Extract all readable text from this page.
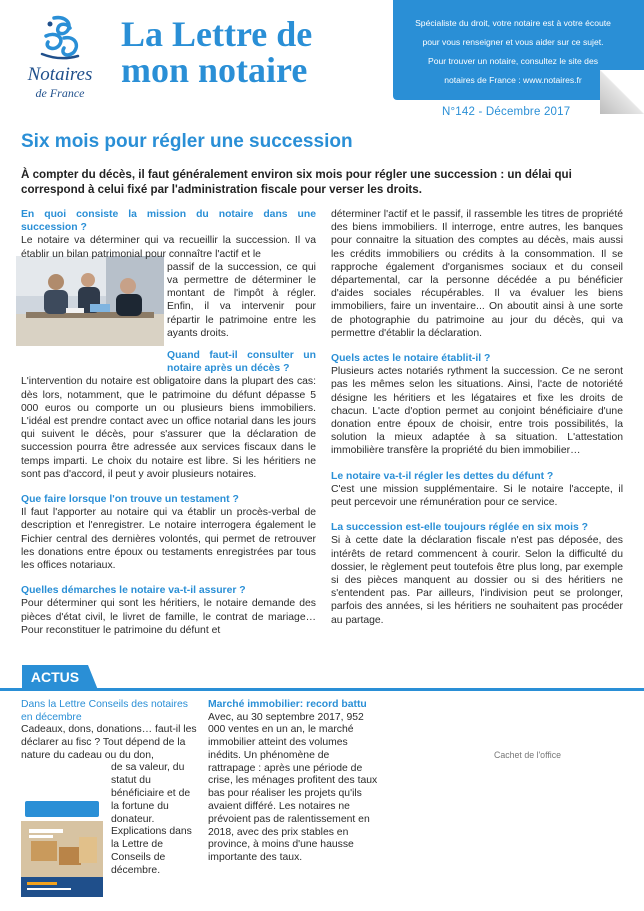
Notaires
de France
La Lettre de
mon notaire
Spécialiste du droit, votre notaire est à votre écoute
pour vous renseigner et vous aider sur ce sujet.
Pour trouver un notaire, consultez le site des
notaires de France : www.notaires.fr
N°142 - Décembre 2017
Six mois pour régler une succession
À compter du décès, il faut généralement environ six mois pour régler une succession : un délai qui correspond à celui fixé par l'administration fiscale pour verser les droits.
En quoi consiste la mission du notaire dans une succession ?
Le notaire va déterminer qui va recueillir la succession. Il va établir un bilan patrimonial pour connaître l'actif et le
passif de la succession, ce qui va permettre de déterminer le montant de l'impôt à régler. Enfin, il va intervenir pour répartir le patrimoine entre les ayants droits.
Quand faut-il consulter un notaire après un décès ?
L'intervention du notaire est obligatoire dans la plupart des cas: dès lors, notamment, que le patrimoine du défunt dépasse 5 000 euros ou comporte un ou plusieurs biens immobiliers. L'idéal est prendre contact avec un office notarial dans les jours qui suivent le décès, pour s'assurer que la déclaration de succession pourra être adressée aux services fiscaux dans le temps imparti. Le choix du notaire est libre. Si les héritiers ne sont pas d'accord, il peut y avoir plusieurs notaires.
Que faire lorsque l'on trouve un testament ?
Il faut l'apporter au notaire qui va établir un procès-verbal de description et l'enregistrer. Le notaire interrogera également le Fichier central des dernières volontés, qui permet de retrouver les donations entre époux ou testaments enregistrées par tous les offices notariaux.
Quelles démarches le notaire va-t-il assurer ?
Pour déterminer qui sont les héritiers, le notaire demande des pièces d'état civil, le livret de famille, le contrat de mariage… Pour reconstituer le patrimoine du défunt et
déterminer l'actif et le passif, il rassemble les titres de propriété des biens immobiliers. Il interroge, entre autres, les banques pour connaitre la situation des comptes au décès, mais aussi les crédits immobiliers ou crédits à la consommation. Il se rapproche également d'organismes sociaux et du conseil départemental, car la personne décédée a pu bénéficier d'aides sociales récupérables. Il va évaluer les biens immobiliers, faire un inventaire... On aboutit ainsi à une sorte de photographie du patrimoine au jour du décès, qui va permettre d'établir la déclaration.
Quels actes le notaire établit-il ?
Plusieurs actes notariés rythment la succession. Ce ne seront pas les mêmes selon les situations. Ainsi, l'acte de notoriété désigne les héritiers et les légataires et fixe les droits de chacun. L'acte d'option permet au conjoint bénéficiaire d'une donation entre époux de choisir, entre trois possibilités, la solution la mieux adaptée à sa situation. L'attestation immobilière transfère la propriété du bien immobilier…
Le notaire va-t-il régler les dettes du défunt ?
C'est une mission supplémentaire. Si le notaire l'accepte, il peut percevoir une rémunération pour ce service.
La succession est-elle toujours réglée en six mois ?
Si à cette date la déclaration fiscale n'est pas déposée, des intérêts de retard commencent à courir. Selon la difficulté du dossier, le règlement peut toutefois être plus long, par exemple si des pièces manquent au dossier ou si des héritiers ne s'entendent pas. Par ailleurs, l'indivision peut se prolonger, parfois des années, si les héritiers ne souhaitent pas procéder au partage.
ACTUS
Dans la Lettre Conseils des notaires en décembre
Cadeaux, dons, donations… faut-il les déclarer au fisc ? Tout dépend de la nature du cadeau ou du don,
de sa valeur, du statut du bénéficiaire et de la fortune du donateur. Explications dans la Lettre de Conseils de décembre.
Marché immobilier: record battu
Avec, au 30 septembre 2017, 952 000 ventes en un an, le marché immobilier atteint des volumes inédits. Un phénomène de rattrapage : après une période de crise, les ménages profitent des taux bas pour réaliser les projets qu'ils avaient différé. Les notaires ne prévoient pas de ralentissement en 2018, avec des prix stables en province, à moins d'une hausse importante des taux.
Cachet de l'office
